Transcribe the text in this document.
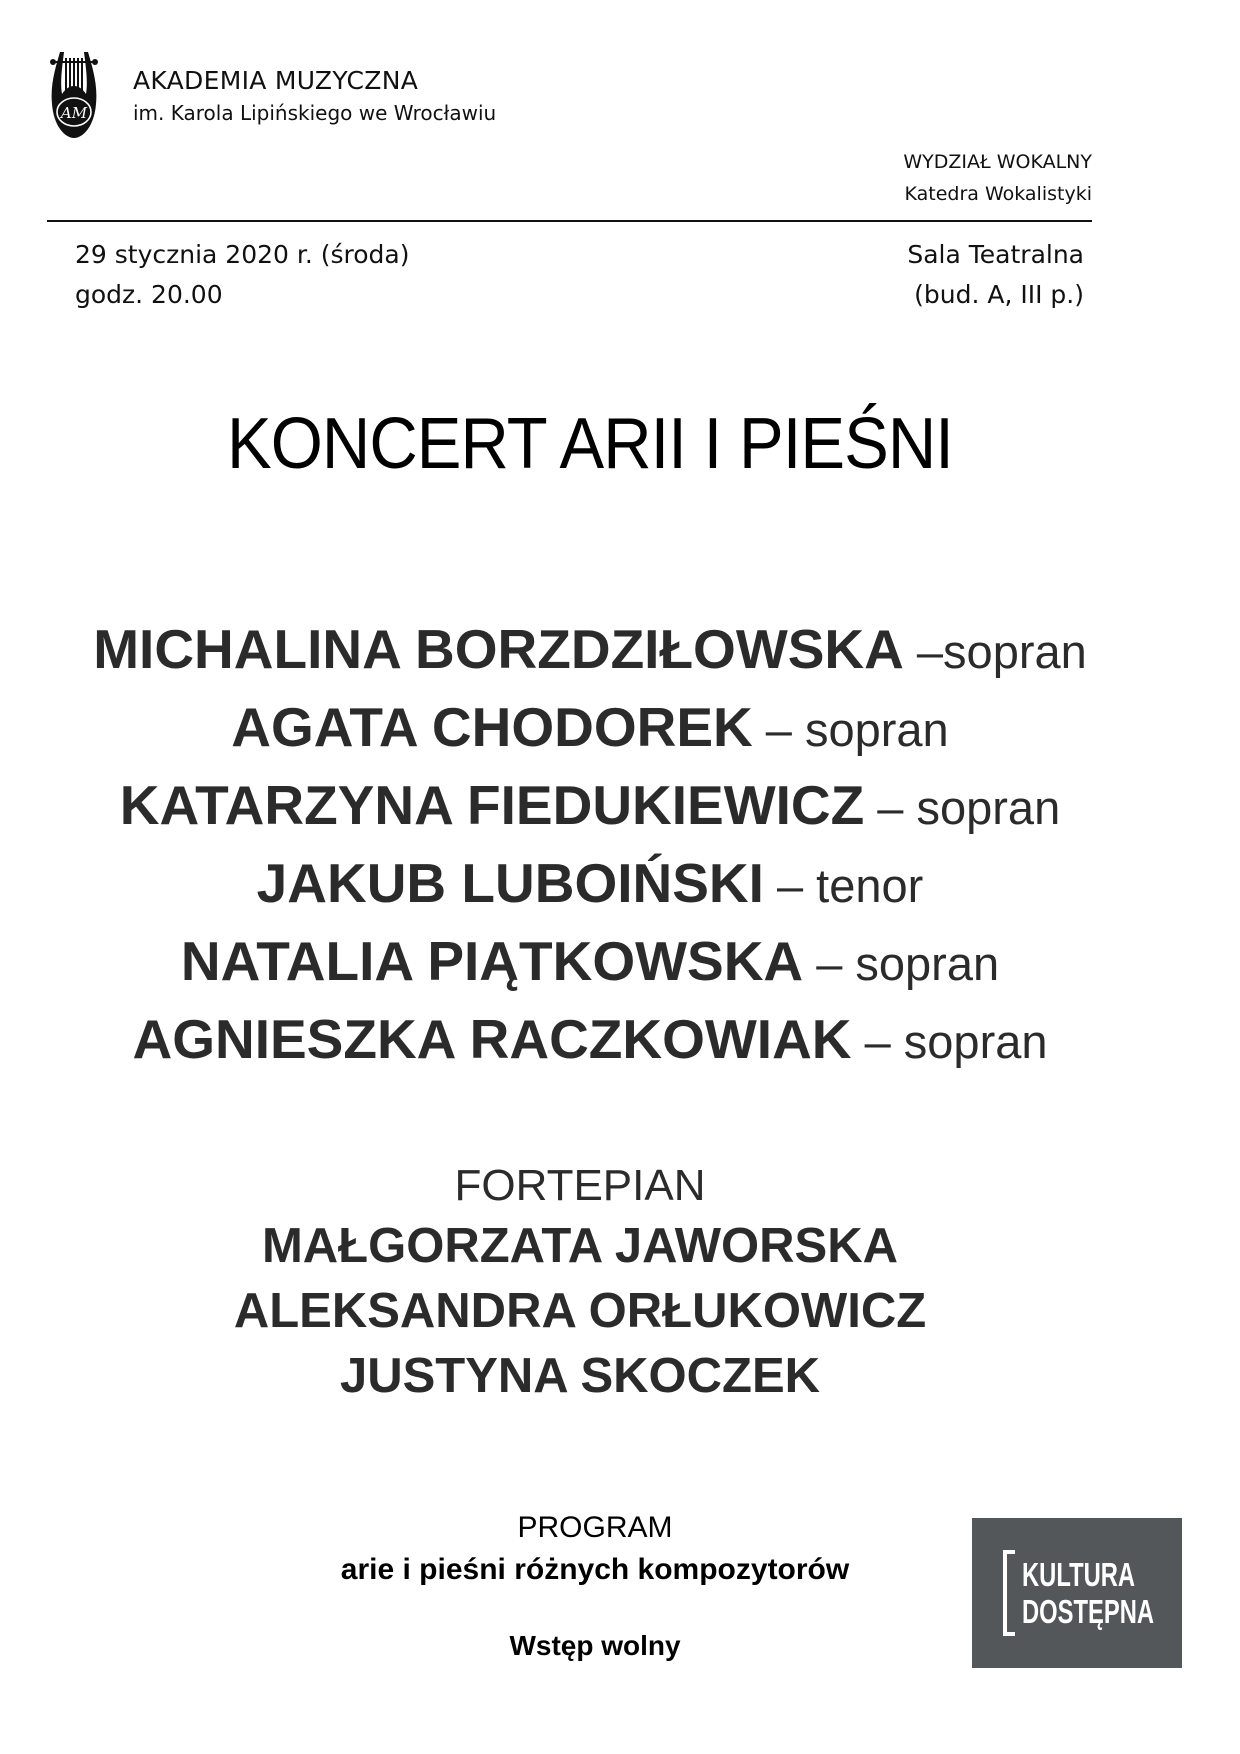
AM
AKADEMIA MUZYCZNA
im. Karola Lipińskiego we Wrocławiu
WYDZIAŁ WOKALNY
Katedra Wokalistyki
29 stycznia 2020 r. (środa)
godz. 20.00
Sala Teatralna
(bud. A, III p.)
KONCERT ARII I PIEŚNI
MICHALINA BORZDZIŁOWSKA –sopran
AGATA CHODOREK – sopran
KATARZYNA FIEDUKIEWICZ – sopran
JAKUB LUBOIŃSKI – tenor
NATALIA PIĄTKOWSKA – sopran
AGNIESZKA RACZKOWIAK – sopran
FORTEPIAN
MAŁGORZATA JAWORSKA
ALEKSANDRA ORŁUKOWICZ
JUSTYNA SKOCZEK
PROGRAM
arie i pieśni różnych kompozytorów
Wstęp wolny
KULTURA
DOSTĘPNA
